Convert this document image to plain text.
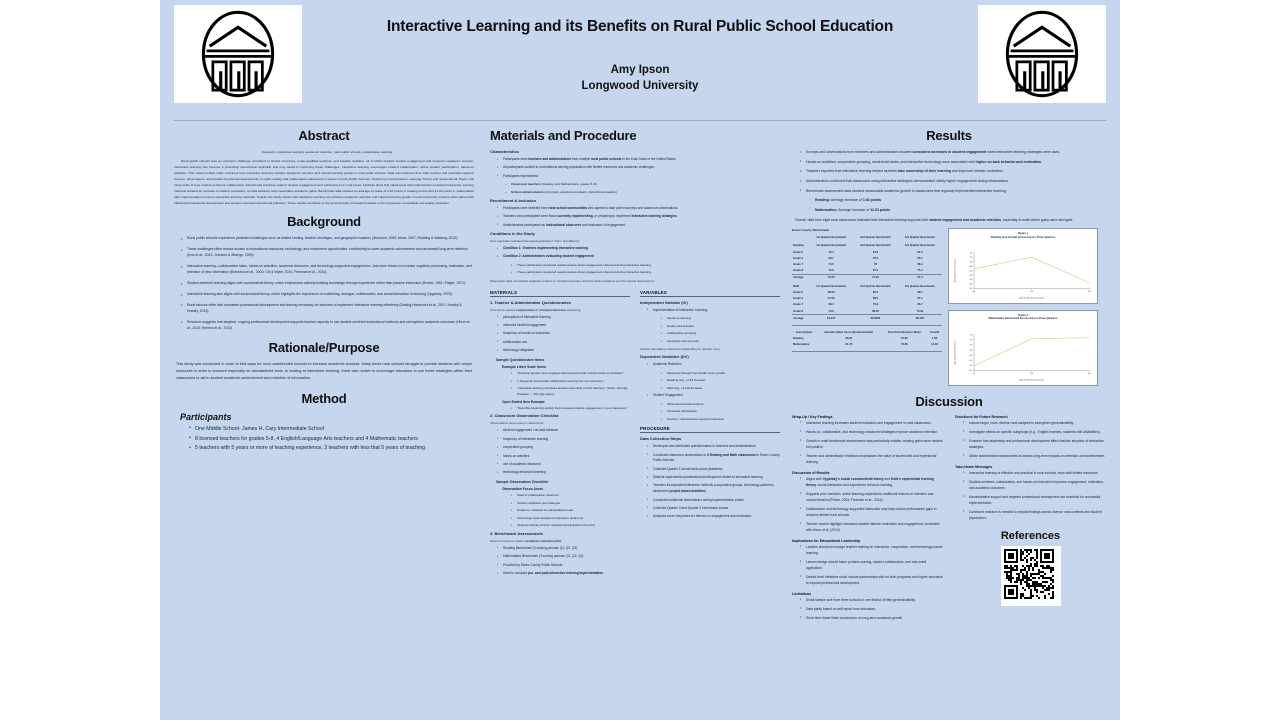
Interactive Learning and its Benefits on Rural Public School Education
Amy Ipson
Longwood University
Abstract

Keywords: interactive learning, academic retention, rural public schools, collaborative learning.

Rural public schools face an imminent challenge correlated to limited resources, under-qualified teachers, and location isolation, all of which impacts student engagement and long-term academic success. Interactive learning has become a promising instructional approach that may assist in improving these challenges. Interactive learning encourages student collaboration, active student participation, hands-on activities. This mixed method study examines how interactive learning includes academic retention and overall learning growth in rural public schools. Data was collected from both teacher and education leaders' surveys, observations, and student benchmark assessments in eight reading and mathematics classrooms in Essex County Public Schools. Guided by Constructivism Learning Theory and Sociocultural Theory this study looks at how student-centered, collaborative instructional practices support student engagement and achievement in rural areas. Findings show that classrooms that implemented consistent interactive learning methods showed an increase in student motivation, on-task behavior and measurable academic gains. Benchmark data showed an average increase of 1.63 points in reading scores and 11.03 points in mathematics after implementation of some interactive learning methods. Overall, the study shows that interactive learning can enhance academic retention and support learning growth in rural community schools when paired with influential professional development and student-centered instructional practices. These results contribute to the growing body of research related to the importance of equitable and quality education.

Background
• Rural public schools experience persistent challenges such as limited funding, teacher shortages, and geographic isolation (Jimerson, 2005; Monk, 2007; Redding & Walberg, 2012).
• These challenges often reduce access to instructional resources, technology, and enrichment opportunities, contributing to lower academic achievement and decreased long-term retention (Irvin et al., 2012; Johnson & Strange, 2009).
• Interactive learning—collaborative tasks, hands-on activities, academic discourse, and technology-supported engagement—has been shown to increase cognitive processing, motivation, and retention of new information (Bransford et al., 2000; Chi & Wylie, 2014; Freeman et al., 2014).
• Student-centered learning aligns with constructivist theory, which emphasizes actively building knowledge through experience rather than passive instruction (Bruner, 1961; Piaget, 1972).
• Interactive learning also aligns with sociocultural theory, which highlights the importance of scaffolding, dialogue, collaboration, and social interaction in learning (Vygotsky, 1978).
• Rural schools often lack consistent professional development and training necessary for teachers to implement interactive learning effectively (Darling-Hammond et al., 2017; Howley & Howley, 2014).
• Research suggests that targeted, ongoing professional development supports teacher capacity to use student-centered instructional methods and strengthens academic outcomes (Hixon et al., 2013; Herrera et al., 2022).
Rationale/Purpose
This study was conducted in order to find ways for rural underfunded schools to increase academic success. Many times rural schools struggle to provide students with ample resources in order to succeed especially on standardized tests. In looking at interactive learning, there was motive to encourage educators to use these strategies within their classrooms to aid in student academic achievement and retention of information.
Method
Participants
• One Middle School- James H. Cary Intermediate School
• 8 licensed teachers for grades 5-8, 4 English/Language Arts teachers and 4 Mathematic teachers
• 5 teachers with 5 years or more of teaching experience, 3 teachers with less that 5 years of teaching
Materials and Procedure
Characteristics
▪ Participants were teachers and administrators from multiple rural public schools in the East Coast of the United States.
▪ All participants worked in rural districts serving populations with limited resources and academic challenges.
▪ Participants represented:
– Classroom teachers (Reading and Mathematics, grades 5–8)
– School administrators (principals, assistant principals, instructional leaders)
Recruitment & Inclusion
▪ Participants were selected from rural school communities who agreed to take part in surveys and classroom observations.
▪ Teachers who participated were those currently implementing, or preparing to implement interactive learning strategies.
▪ Administrators participated as instructional observers and evaluators of engagement.
Conditions in the Study
Four separate evaluated two-week participant "sites" (conditions):
▪ Condition 1: Teachers implementing interactive learning
▪ Condition 2: Administrators evaluating student engagement
▪ These participants completed questionnaires about engagement observed during interactive learning.
▪ These participants completed questionnaires about engagement observed during interactive learning.
(See paper data set include separate content vs. treatment groups; all three data conditions are the natural classrooms.)
MATERIALS
1. Teacher & Administrator Questionnaires
Core items used a comparative or oral questionnaire assessing:
▪ perceptions of interactive learning
▪ observed student engagement
▪ frequency of hands-on instruction
▪ collaboration use
▪ technology integration
Sample Questionnaire Items
Example Likert Scale Items
▪ "Students appear more engaged during lessons that include hands-on activities."
▪ "I frequently incorporate collaborative learning into my instruction."
▪ "Interactive learning increases student ownership of their learning." (Scale: Strongly Disagree → Strongly Agree)
Open Ended Item Example
▪ "Describe a learning activity that increased student engagement in your classroom."
2. Classroom Observation Checklist
Observations were used in classrooms:
▪ student engagement / on-task behavior
▪ frequency of interactive learning
▪ cooperative grouping
▪ hands-on activities
▪ use of academic discourse
▪ technology-enhanced learning
Sample Observation Checklist
Observation Focus Areas
▪ Student collaboration observed
▪ Teacher facilitates peer dialogue
▪ Hands-on materials or manipulatives used
▪ Technology tools integrated (interactive platforms)
▪ Students display intrinsic motivation/participation observed
3. Benchmark Assessments
Used to measure student academic retention (DV):
▪ Reading Benchmark (3 scoring periods: Q1, Q2, Q3)
▪ Mathematics Benchmark (3 scoring periods: Q1, Q2, Q3)
▪ Provided by Essex County Public Schools
▪ Used to compare pre- and post-interactive learning implementation
VARIABLES
Independent Variable (IV)
▪ Implementation of Interactive Learning
▪ hands-on learning
▪ student-led activities
▪ collaborative grouping
▪ interactive science tools
(Varied naturally by classroom depending on teacher use.)
Dependent Variables (DV)
▪ Academic Retention
▪ Measured through benchmark score growth
▪ Reading avg. +1.63 increase
▪ Math avg. +11.03 increase
▪ Student Engagement
▪ Observational task behavior
▪ Increased participation
▪ Teacher / administrator reported motivation
PROCEDURE
Data Collection Steps
▪ Developed and distributed questionnaires to teachers and administrators.
▪ Conducted classroom observations in 8 Reading and Math classrooms in Essex County Public Schools.
▪ Collected Quarter 1 benchmark scores (baseline).
▪ Districts implemented professional development related to interactive learning.
▪ Teachers incorporated interactive methods (cooperative groups, technology platforms, student-led project based activities).
▪ Conducted additional observations during implementation phase.
▪ Collected Quarter 2 and Quarter 3 benchmark scores.
▪ Analyzed score responses for themes on engagement and motivation.
Results
• Surveys and observations from teachers and administrators showed consistent increases in student engagement when interactive learning strategies were used.
• Hands-on activities, cooperative grouping, student-led tasks, and interactive technology were associated with higher on-task behavior and motivation.
• Teachers reported that interactive learning helped students take ownership of their learning and improved intrinsic motivation.
• Administrators confirmed that classrooms using interactive strategies demonstrated visibly higher engagement during observations.
• Benchmark assessment data showed measurable academic growth in classrooms that regularly implemented interactive learning:
○ Reading: Average increase of 1.63 points
○ Mathematics: Average increase of 11.03 points
Overall, data from eight rural classrooms indicated that interactive learning supports both student engagement and academic retention, especially in math where gains were strongest.
Essex County Benchmark
	1st Quarter Benchmark	2nd Quarter Benchmark	3rd Quarter Benchmark
Reading	1st Quarter Benchmark	2nd Quarter Benchmark	3rd Quarter Benchmark
Grade 5	79.4	64.8	60.4
Grade 6	68.7	76.0	65.1
Grade 7	70.5	78	68.3
Grade 8	72.0	67.0	75.4
Average	72.65	71.45	67.3
Math	1st Quarter Benchmark	2nd Quarter Benchmark	3rd Quarter Benchmark
Grade 5	58.90	66.0	68.7
Grade 6	47.50	68.0	67.1
Grade 7	68.4	70.9	66.7
Grade 8	74.6	68.50	70.04
Average	61.975	68.6085	68.135
Area Subject	Baseline Mean Score (Q1 Benchmark)	Post 3rd Interaction Mean	Growth
Reading	66.65	67.96	1.63
Mathematics	61.70	72.80	11.03
Figure 1
Reading Area Growth Scores Across Three Quarters
58
60
62
64
66
68
70
72
74
Q1	Q2	Q3
2025-26 Benchmark Quarter
Average Benchmark Score
Figure 2
Mathematics Benchmark Scores Across Three Quarters
60
62
64
66
68
70
72
74
Q1	Q2	Q3
2025-26 Benchmark Quarter
Average Benchmark Score
Discussion
Wrap-Up / Key Findings
• Interactive learning increases student motivation and engagement in rural classrooms.
• Hands-on, collaborative, and technology-enhanced strategies improve academic retention.
• Growth in math benchmark assessments was particularly notable; reading gains were modest but positive.
• Teacher and administrator feedback emphasizes the value of student-led and experiential learning.
Discussion of Results
• Aligns with Vygotsky's social constructivist theory and Kolb's experiential learning theory: social interaction and experience enhance learning.
• Supports prior research: active learning outperforms traditional lectures in retention and comprehension (Prince, 2004; Freeman et al., 2014).
• Collaborative and technology-supported instruction may help reduce performance gaps in resource-limited rural schools.
• Teacher reports highlight increased student intrinsic motivation and engagement, consistent with Hixon et al. (2013).
Implications for Educational Leadership
• Leaders should encourage teacher training on interactive, cooperative, and technology-based learning.
• Lesson design should foster problem-solving, student collaboration, and real-world application.
• District-level initiatives could include partnerships with ed-tech programs and higher education to expand professional development.
Limitations
• Small sample size from three schools in one district; limited generalizability.
• Data partly based on self-report from educators.
• Short time frame limits conclusions on long-term academic growth.
Directions for Future Research
• Include larger, more diverse rural samples to strengthen generalizability.
• Investigate effects on specific subgroups (e.g., English learners, students with disabilities).
• Examine how leadership and professional development affect teacher adoption of interactive strategies.
• Utilize standardized assessments to assess long-term impacts on retention and achievement.
Take-Home Messages
• Interactive learning is effective and practical in rural schools, even with limited resources.
• Student-centered, collaborative, and hands-on instruction improves engagement, motivation, and academic outcomes.
• Administrative support and targeted professional development are essential for successful implementation.
• Continued research is needed to expand findings across diverse rural contexts and student populations.
References
